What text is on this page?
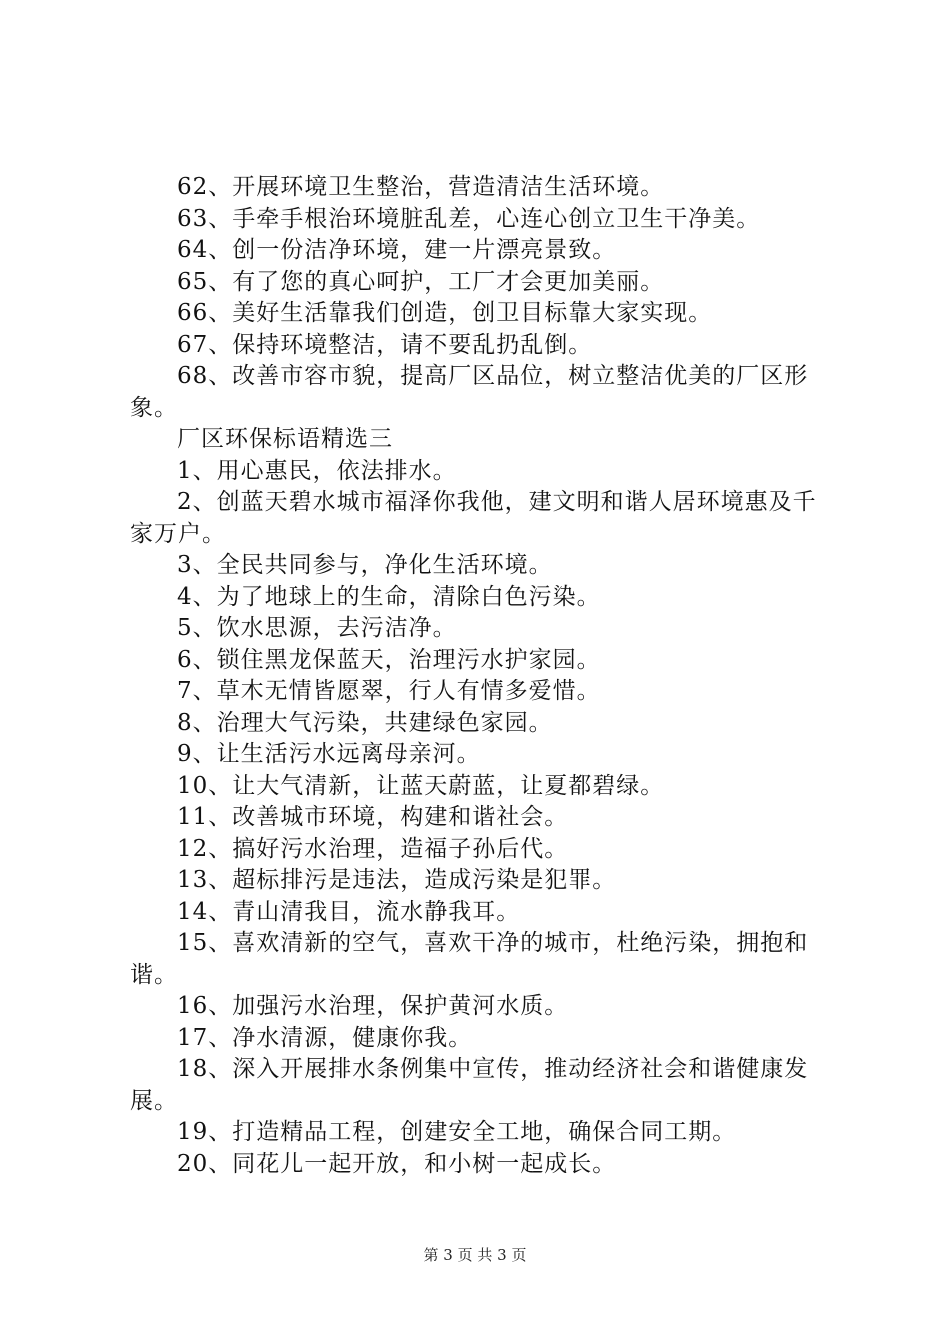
62、开展环境卫生整治，营造清洁生活环境。

63、手牵手根治环境脏乱差，心连心创立卫生干净美。

64、创一份洁净环境，建一片漂亮景致。

65、有了您的真心呵护，工厂才会更加美丽。

66、美好生活靠我们创造，创卫目标靠大家实现。

67、保持环境整洁，请不要乱扔乱倒。

68、改善市容市貌，提高厂区品位，树立整洁优美的厂区形象。

厂区环保标语精选三

1、用心惠民，依法排水。

2、创蓝天碧水城市福泽你我他，建文明和谐人居环境惠及千家万户。

3、全民共同参与，净化生活环境。

4、为了地球上的生命，清除白色污染。

5、饮水思源，去污洁净。

6、锁住黑龙保蓝天，治理污水护家园。

7、草木无情皆愿翠，行人有情多爱惜。

8、治理大气污染，共建绿色家园。

9、让生活污水远离母亲河。

10、让大气清新，让蓝天蔚蓝，让夏都碧绿。

11、改善城市环境，构建和谐社会。

12、搞好污水治理，造福子孙后代。

13、超标排污是违法，造成污染是犯罪。

14、青山清我目，流水静我耳。

15、喜欢清新的空气，喜欢干净的城市，杜绝污染，拥抱和谐。

16、加强污水治理，保护黄河水质。

17、净水清源，健康你我。

18、深入开展排水条例集中宣传，推动经济社会和谐健康发展。

19、打造精品工程，创建安全工地，确保合同工期。

20、同花儿一起开放，和小树一起成长。

第 3 页 共 3 页
